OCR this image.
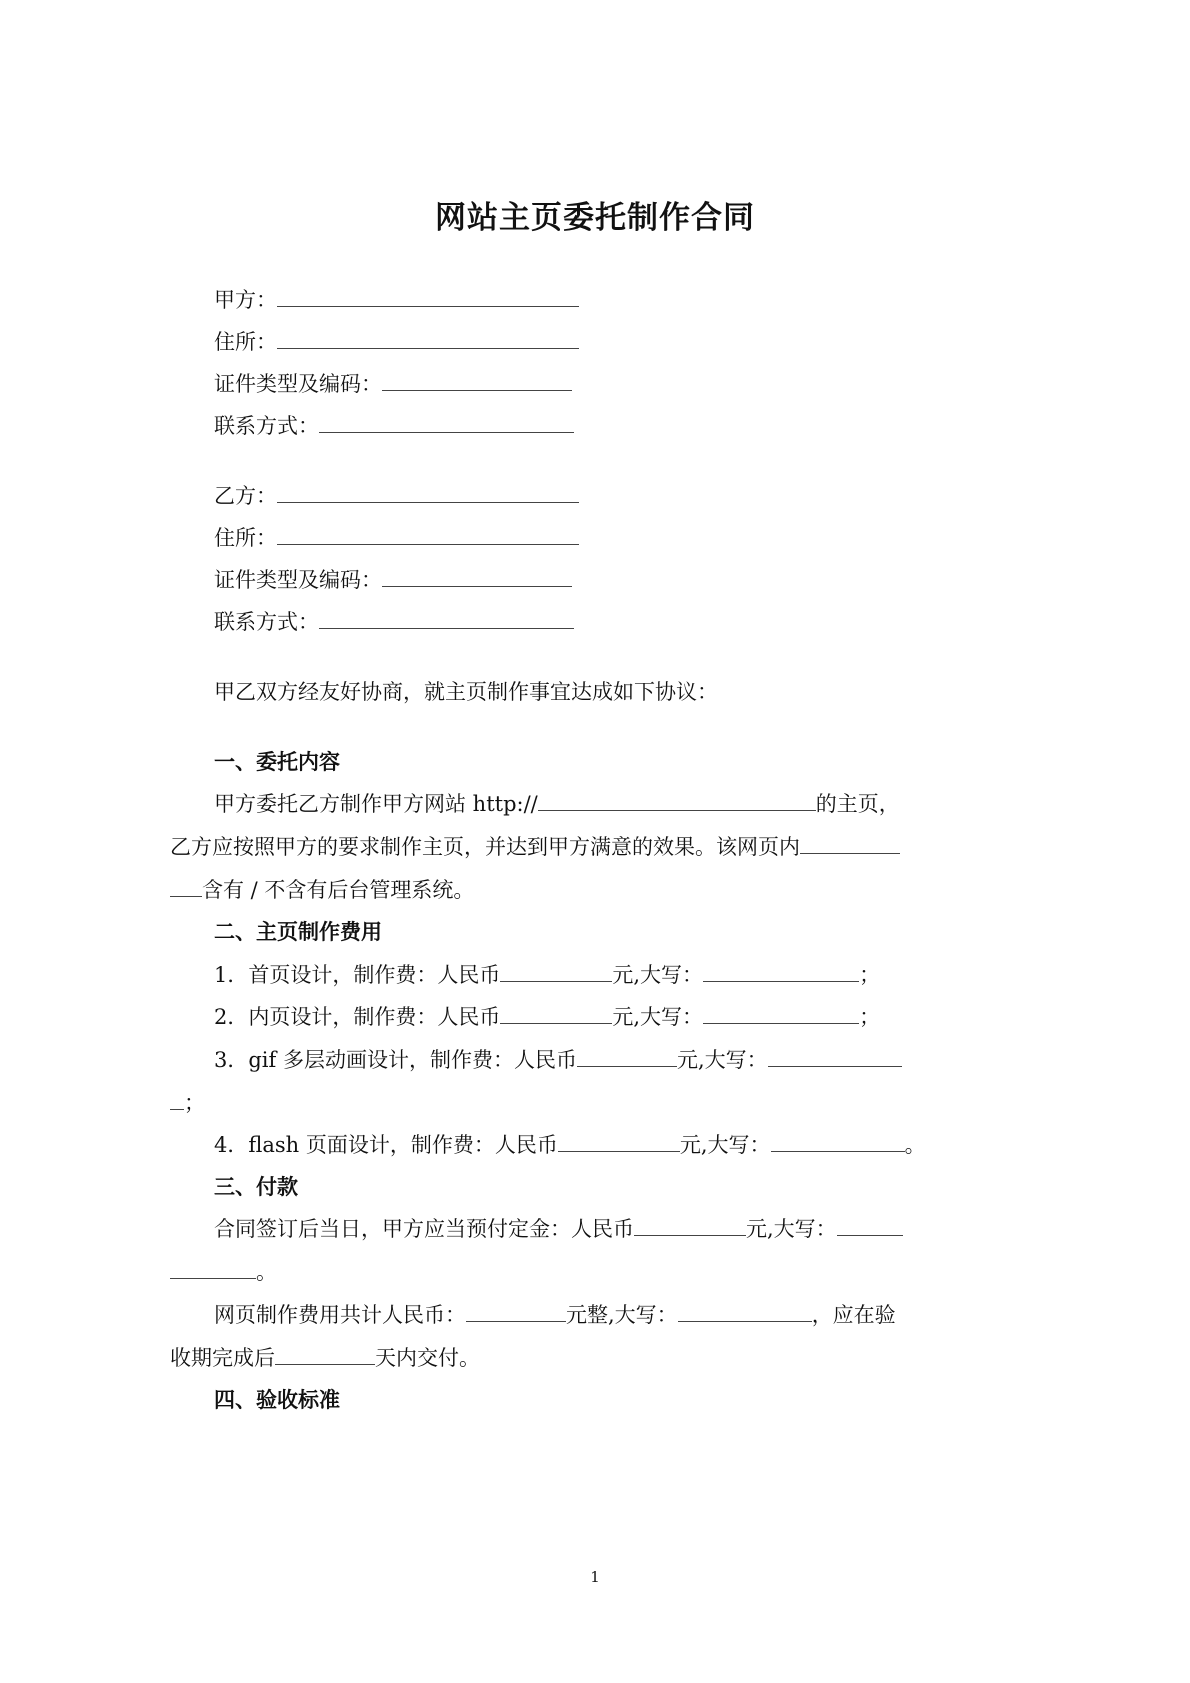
网站主页委托制作合同
甲方：
住所：
证件类型及编码：
联系方式：
乙方：
住所：
证件类型及编码：
联系方式：
甲乙双方经友好协商，就主页制作事宜达成如下协议：
一、委托内容
甲方委托乙方制作甲方网站 http://	的主页，
乙方应按照甲方的要求制作主页，并达到甲方满意的效果。该网页内
含有 / 不含有后台管理系统。
二、主页制作费用
1．首页设计，制作费：人民币	元,大写：	；
2．内页设计，制作费：人民币	元,大写：	；
3．gif 多层动画设计，制作费：人民币	元,大写：
；
4．flash 页面设计，制作费：人民币	元,大写：	。
三、付款
合同签订后当日，甲方应当预付定金：人民币	元,大写：
。
网页制作费用共计人民币：	元整,大写：	，应在验
收期完成后	天内交付。
四、验收标准
1
